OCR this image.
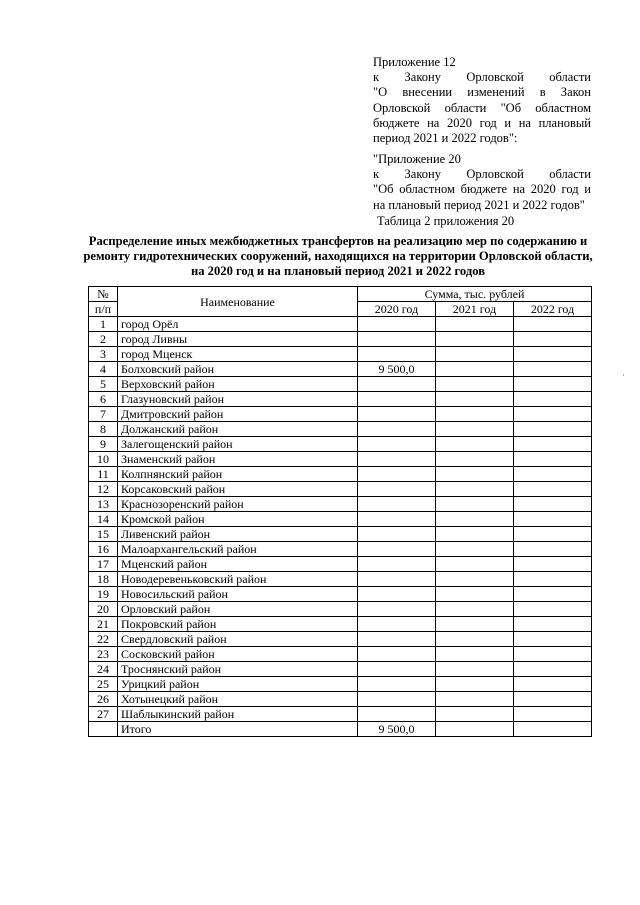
Приложение 12
к Закону Орловской области
"О внесении изменений в Закон
Орловской области "Об областном
бюджете на 2020 год и на плановый
период 2021 и 2022 годов":
"Приложение 20
к Закону Орловской области
"Об областном бюджете на 2020 год и
на плановый период 2021 и 2022 годов"
Таблица 2 приложения 20
Распределение иных межбюджетных трансфертов на реализацию мер по содержанию и ремонту гидротехнических сооружений, находящихся на территории Орловской области, на 2020 год и на плановый период 2021 и 2022 годов
№	Наименование	Сумма, тыс. рублей		
п/п		2020 год	2021 год	2022 год
1	город Орёл			
2	город Ливны			
3	город Мценск			
4	Болховский район	9 500,0		
5	Верховский район			
6	Глазуновский район			
7	Дмитровский район			
8	Должанский район			
9	Залегощенский район			
10	Знаменский район			
11	Колпнянский район			
12	Корсаковский район			
13	Краснозоренский район			
14	Кромской район			
15	Ливенский район			
16	Малоархангельский район			
17	Мценский район			
18	Новодеревеньковский район			
19	Новосильский район			
20	Орловский район			
21	Покровский район			
22	Свердловский район			
23	Сосковский район			
24	Троснянский район			
25	Урицкий район			
26	Хотынецкий район			
27	Шаблыкинский район			
	Итого	9 500,0		
·
